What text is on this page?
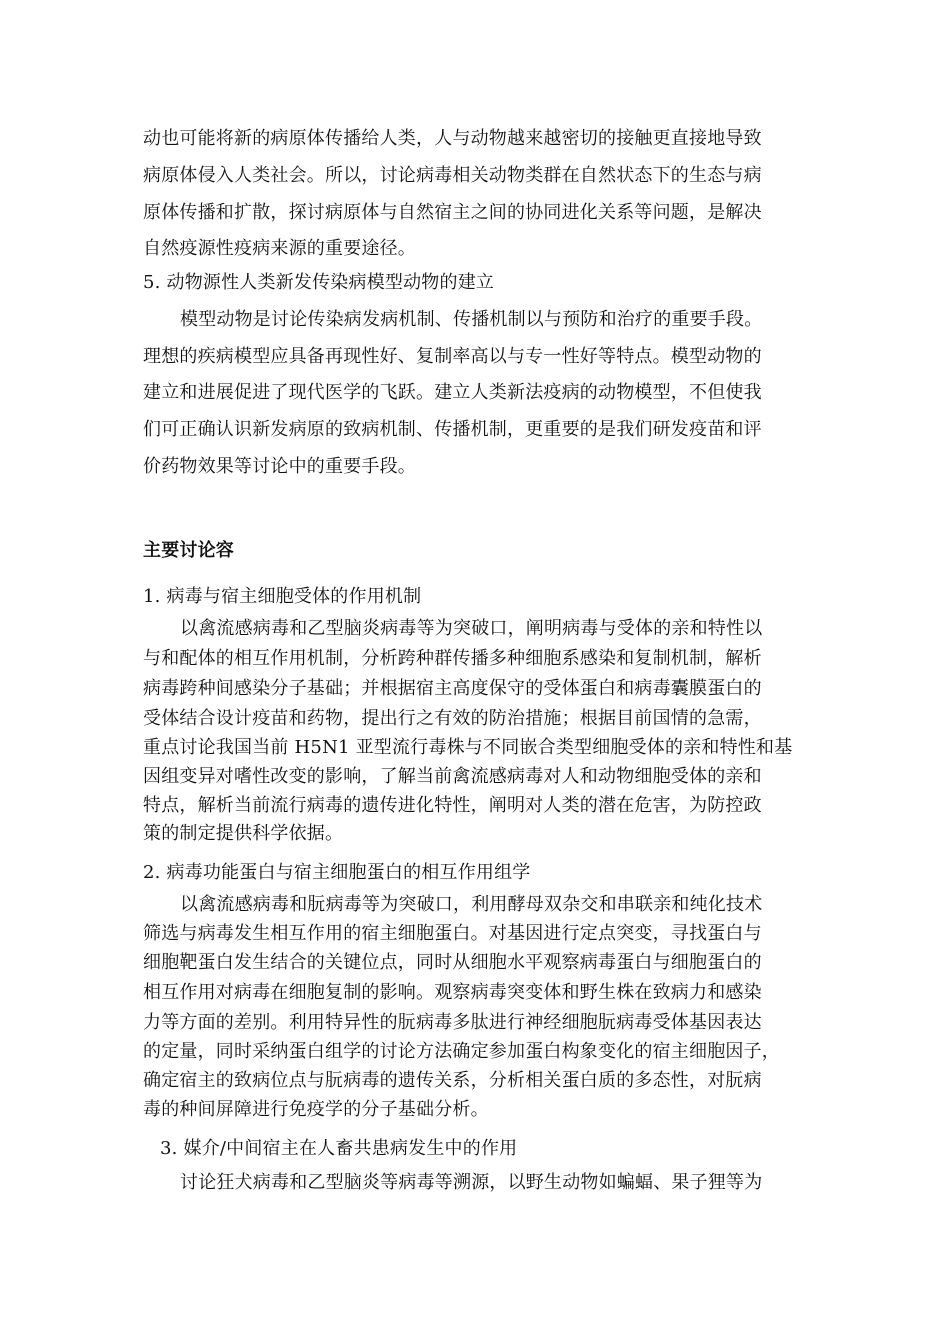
动也可能将新的病原体传播给人类，人与动物越来越密切的接触更直接地导致
病原体侵入人类社会。所以，讨论病毒相关动物类群在自然状态下的生态与病
原体传播和扩散，探讨病原体与自然宿主之间的协同进化关系等问题，是解决
自然疫源性疫病来源的重要途径。
5. 动物源性人类新发传染病模型动物的建立
模型动物是讨论传染病发病机制、传播机制以与预防和治疗的重要手段。
理想的疾病模型应具备再现性好、复制率高以与专一性好等特点。模型动物的
建立和进展促进了现代医学的飞跃。建立人类新法疫病的动物模型，不但使我
们可正确认识新发病原的致病机制、传播机制，更重要的是我们研发疫苗和评
价药物效果等讨论中的重要手段。
主要讨论容
1. 病毒与宿主细胞受体的作用机制
以禽流感病毒和乙型脑炎病毒等为突破口，阐明病毒与受体的亲和特性以
与和配体的相互作用机制，分析跨种群传播多种细胞系感染和复制机制，解析
病毒跨种间感染分子基础；并根据宿主高度保守的受体蛋白和病毒囊膜蛋白的
受体结合设计疫苗和药物，提出行之有效的防治措施；根据目前国情的急需，
重点讨论我国当前 H5N1 亚型流行毒株与不同嵌合类型细胞受体的亲和特性和基
因组变异对嗜性改变的影响，了解当前禽流感病毒对人和动物细胞受体的亲和
特点，解析当前流行病毒的遗传进化特性，阐明对人类的潜在危害，为防控政
策的制定提供科学依据。
2. 病毒功能蛋白与宿主细胞蛋白的相互作用组学
以禽流感病毒和朊病毒等为突破口，利用酵母双杂交和串联亲和纯化技术
筛选与病毒发生相互作用的宿主细胞蛋白。对基因进行定点突变，寻找蛋白与
细胞靶蛋白发生结合的关键位点，同时从细胞水平观察病毒蛋白与细胞蛋白的
相互作用对病毒在细胞复制的影响。观察病毒突变体和野生株在致病力和感染
力等方面的差别。利用特异性的朊病毒多肽进行神经细胞朊病毒受体基因表达
的定量，同时采纳蛋白组学的讨论方法确定参加蛋白构象变化的宿主细胞因子，
确定宿主的致病位点与朊病毒的遗传关系，分析相关蛋白质的多态性，对朊病
毒的种间屏障进行免疫学的分子基础分析。
3. 媒介/中间宿主在人畜共患病发生中的作用
讨论狂犬病毒和乙型脑炎等病毒等溯源，以野生动物如蝙蝠、果子狸等为
